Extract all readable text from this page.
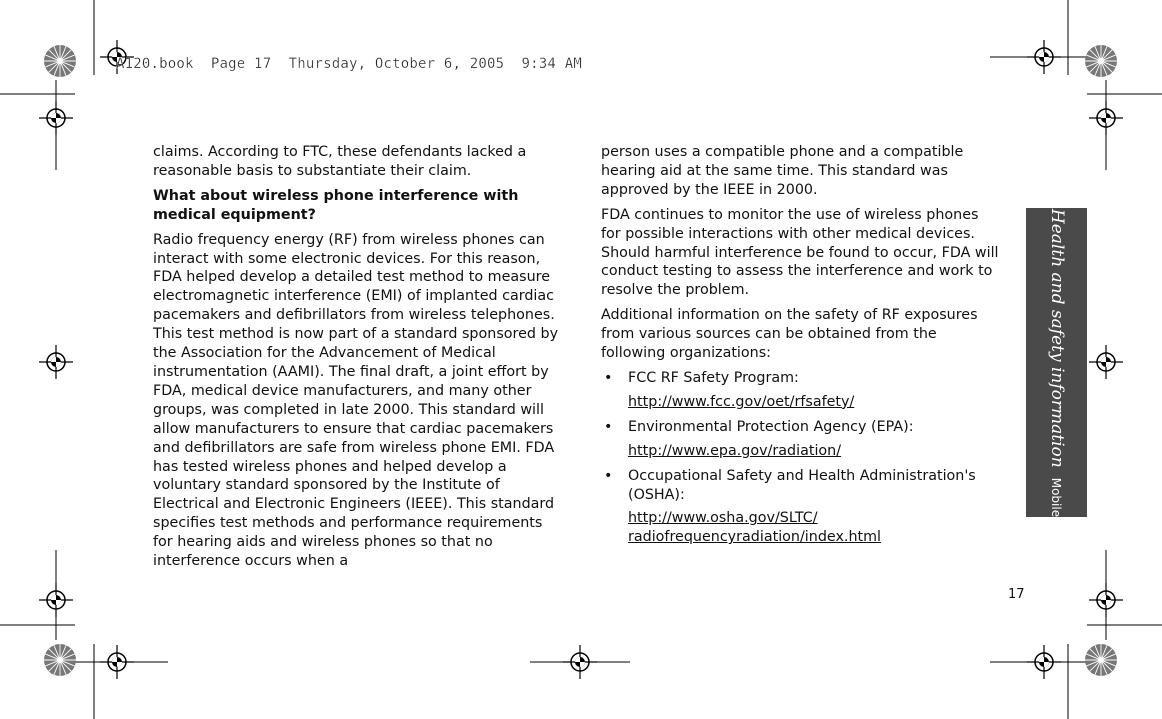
A120.book  Page 17  Thursday, October 6, 2005  9:34 AM

claims. According to FTC, these defendants lacked a reasonable basis to substantiate their claim.

What about wireless phone interference with medical equipment?

Radio frequency energy (RF) from wireless phones can interact with some electronic devices. For this reason, FDA helped develop a detailed test method to measure electromagnetic interference (EMI) of implanted cardiac pacemakers and defibrillators from wireless telephones. This test method is now part of a standard sponsored by the Association for the Advancement of Medical instrumentation (AAMI). The final draft, a joint effort by FDA, medical device manufacturers, and many other groups, was completed in late 2000. This standard will allow manufacturers to ensure that cardiac pacemakers and defibrillators are safe from wireless phone EMI. FDA has tested wireless phones and helped develop a voluntary standard sponsored by the Institute of Electrical and Electronic Engineers (IEEE). This standard specifies test methods and performance requirements for hearing aids and wireless phones so that no interference occurs when a

person uses a compatible phone and a compatible hearing aid at the same time. This standard was approved by the IEEE in 2000.

FDA continues to monitor the use of wireless phones for possible interactions with other medical devices. Should harmful interference be found to occur, FDA will conduct testing to assess the interference and work to resolve the problem.

Additional information on the safety of RF exposures from various sources can be obtained from the following organizations:

• FCC RF Safety Program:
http://www.fcc.gov/oet/rfsafety/
• Environmental Protection Agency (EPA):
http://www.epa.gov/radiation/
• Occupational Safety and Health Administration's (OSHA):
http://www.osha.gov/SLTC/
radiofrequencyradiation/index.html
Health and safety information
Mobile
17
